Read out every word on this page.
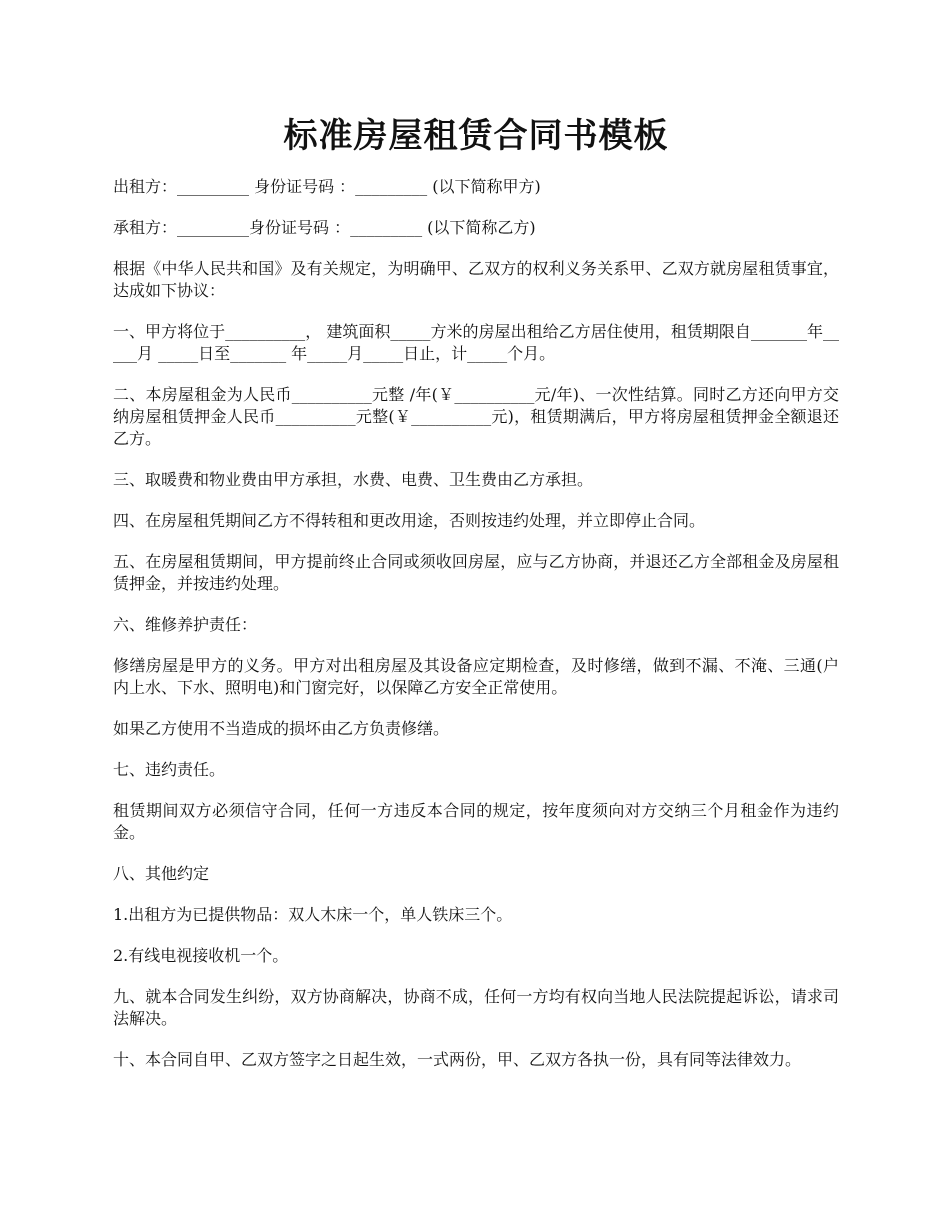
标准房屋租赁合同书模板

出租方：_________ 身份证号码 ：_________ (以下简称甲方)

承租方：_________身份证号码 ：_________ (以下简称乙方)

根据《中华人民共和国》及有关规定，为明确甲、乙双方的权利义务关系甲、乙双方就房屋租赁事宜，达成如下协议：

一、甲方将位于__________， 建筑面积_____方米的房屋出租给乙方居住使用，租赁期限自_______年_____月 _____日至_______ 年_____月_____日止，计_____个月。

二、本房屋租金为人民币__________元整 /年(￥__________元/年)、一次性结算。同时乙方还向甲方交纳房屋租赁押金人民币__________元整(￥__________元)，租赁期满后，甲方将房屋租赁押金全额退还乙方。

三、取暖费和物业费由甲方承担，水费、电费、卫生费由乙方承担。

四、在房屋租凭期间乙方不得转租和更改用途，否则按违约处理，并立即停止合同。

五、在房屋租赁期间，甲方提前终止合同或须收回房屋，应与乙方协商，并退还乙方全部租金及房屋租赁押金，并按违约处理。

六、维修养护责任：

修缮房屋是甲方的义务。甲方对出租房屋及其设备应定期检查，及时修缮，做到不漏、不淹、三通(户内上水、下水、照明电)和门窗完好，以保障乙方安全正常使用。

如果乙方使用不当造成的损坏由乙方负责修缮。

七、违约责任。

租赁期间双方必须信守合同，任何一方违反本合同的规定，按年度须向对方交纳三个月租金作为违约金。

八、其他约定

1.出租方为已提供物品：双人木床一个，单人铁床三个。

2.有线电视接收机一个。

九、就本合同发生纠纷，双方协商解决，协商不成，任何一方均有权向当地人民法院提起诉讼，请求司法解决。

十、本合同自甲、乙双方签字之日起生效，一式两份，甲、乙双方各执一份，具有同等法律效力。
